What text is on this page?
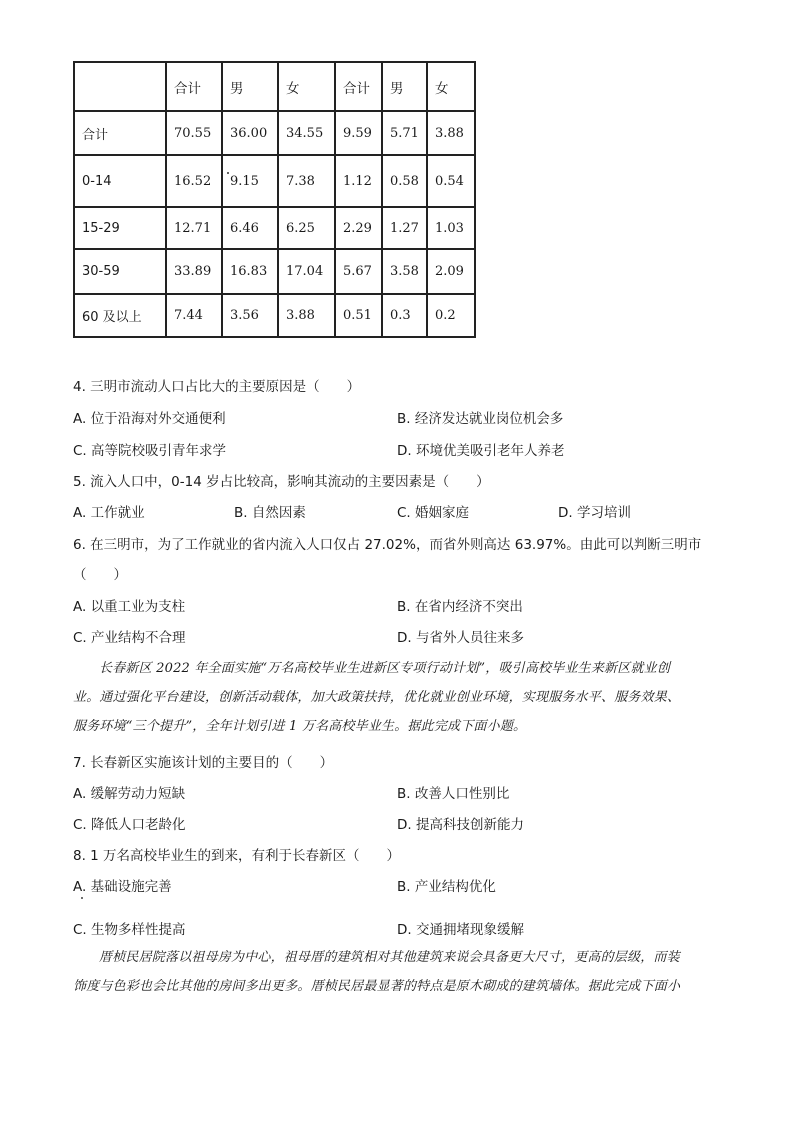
	合计	男	女	合计	男	女
合计	70.55	36.00	34.55	9.59	5.71	3.88
0-14	16.52	9.15	7.38	1.12	0.58	0.54
15-29	12.71	6.46	6.25	2.29	1.27	1.03
30-59	33.89	16.83	17.04	5.67	3.58	2.09
60 及以上	7.44	3.56	3.88	0.51	0.3	0.2
4. 三明市流动人口占比大的主要原因是（　　）
A. 位于沿海对外交通便利	B. 经济发达就业岗位机会多
C. 高等院校吸引青年求学	D. 环境优美吸引老年人养老
5. 流入人口中，0-14 岁占比较高，影响其流动的主要因素是（　　）
A. 工作就业	B. 自然因素	C. 婚姻家庭	D. 学习培训
6. 在三明市，为了工作就业的省内流入人口仅占 27.02%，而省外则高达 63.97%。由此可以判断三明市
（　　）
A. 以重工业为支柱	B. 在省内经济不突出
C. 产业结构不合理	D. 与省外人员往来多
长春新区 2022 年全面实施“万名高校毕业生进新区专项行动计划”，吸引高校毕业生来新区就业创
业。通过强化平台建设，创新活动载体，加大政策扶持，优化就业创业环境，实现服务水平、服务效果、
服务环境“三个提升”，全年计划引进 1 万名高校毕业生。据此完成下面小题。
7. 长春新区实施该计划的主要目的（　　）
A. 缓解劳动力短缺	B. 改善人口性别比
C. 降低人口老龄化	D. 提高科技创新能力
8. 1 万名高校毕业生的到来，有利于长春新区（　　）
A. 基础设施完善	B. 产业结构优化
C. 生物多样性提高	D. 交通拥堵现象缓解
厝桢民居院落以祖母房为中心，祖母厝的建筑相对其他建筑来说会具备更大尺寸，更高的层级，而装
饰度与色彩也会比其他的房间多出更多。厝桢民居最显著的特点是原木砌成的建筑墙体。据此完成下面小
